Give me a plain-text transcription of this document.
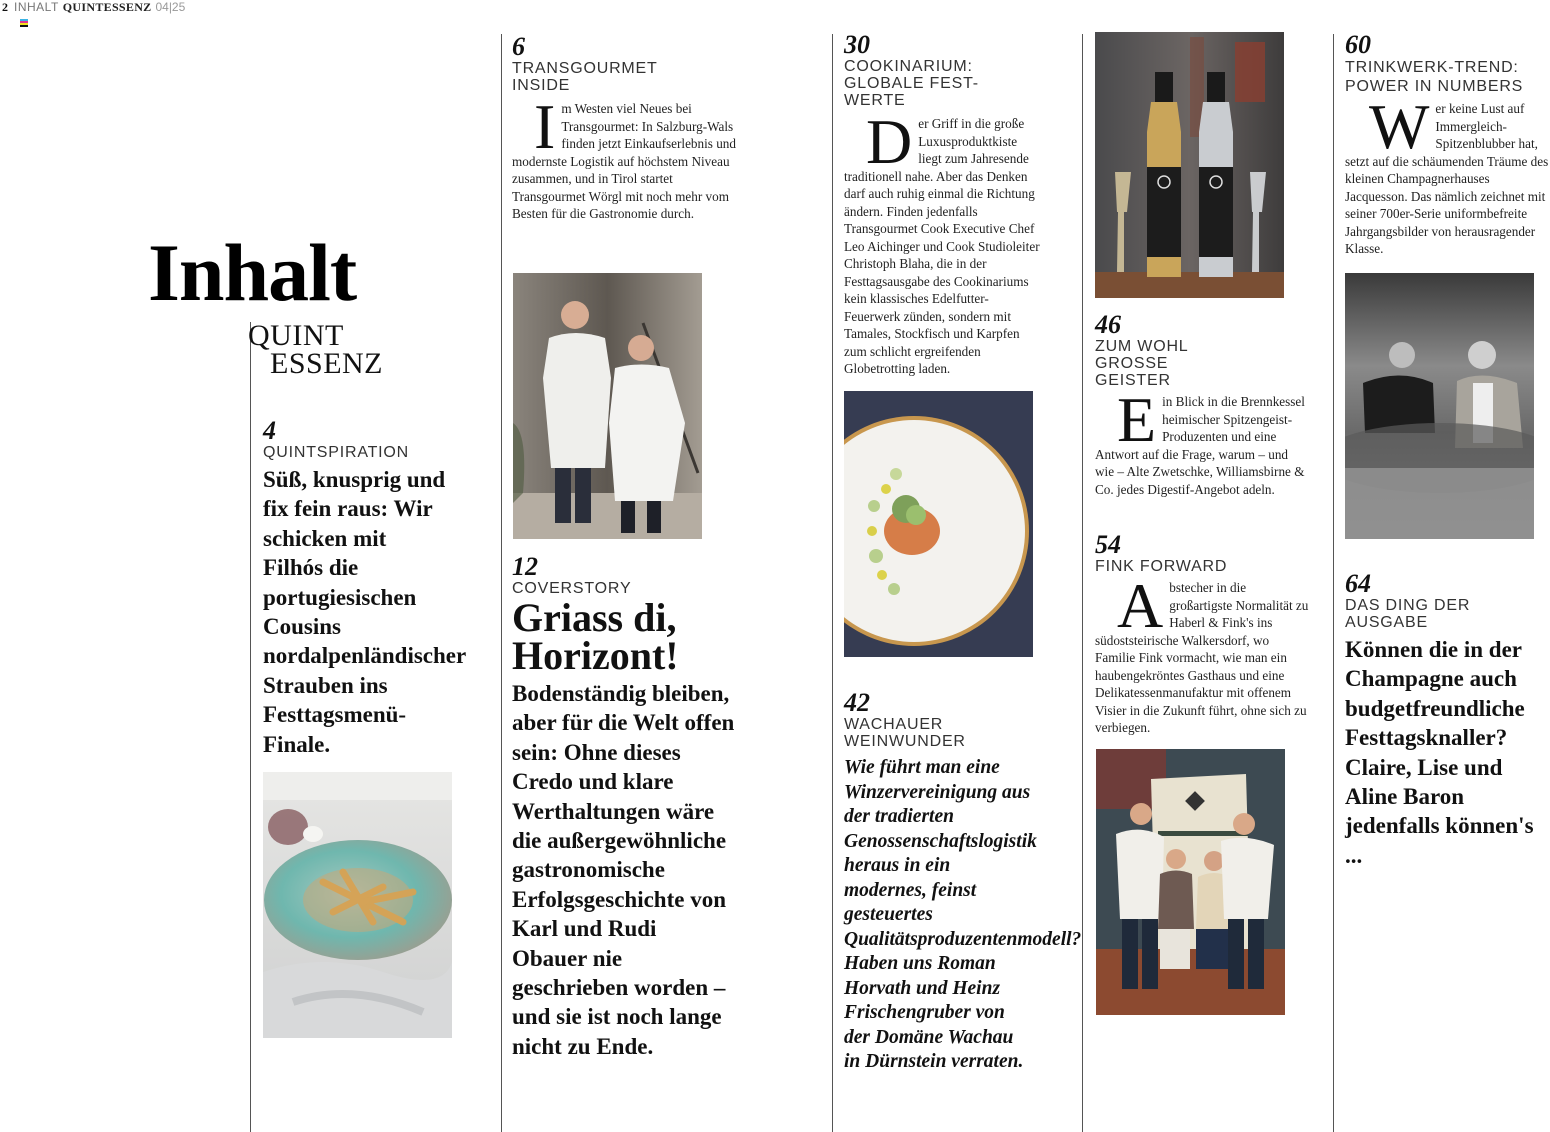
2 INHALT QUINTESSENZ 04|25
Inhalt
QUINT
ESSENZ
4
QUINTSPIRATION
Süß, knusprig und fix fein raus: Wir schicken mit Filhós die portugiesischen Cousins nordalpenländischer Strauben ins Festtagsmenü-Finale.
6
TRANSGOURMET INSIDE
Im Westen viel Neues bei Transgourmet: In Salzburg-Wals finden jetzt Einkaufserlebnis und modernste Logistik auf höchstem Niveau zusammen, und in Tirol startet Transgourmet Wörgl mit noch mehr vom Besten für die Gastronomie durch.
12
COVERSTORY
Griass di, Horizont!
Bodenständig bleiben, aber für die Welt offen sein: Ohne dieses Credo und klare Werthaltungen wäre die außergewöhnliche gastronomische Erfolgsgeschichte von Karl und Rudi Obauer nie geschrieben worden – und sie ist noch lange nicht zu Ende.
30
COOKINARIUM: GLOBALE FEST-WERTE
Der Griff in die große Luxusproduktkiste liegt zum Jahresende traditionell nahe. Aber das Denken darf auch ruhig einmal die Richtung ändern. Finden jedenfalls Transgourmet Cook Executive Chef Leo Aichinger und Cook Studioleiter Christoph Blaha, die in der Festtagsausgabe des Cookinariums kein klassisches Edelfutter-Feuerwerk zünden, sondern mit Tamales, Stockfisch und Karpfen zum schlicht ergreifenden Globetrotting laden.
42
WACHAUER WEINWUNDER
Wie führt man eine Winzervereinigung aus der tradierten Genossenschaftslogistik heraus in ein modernes, feinst gesteuertes Qualitätsproduzentenmodell? Haben uns Roman Horvath und Heinz Frischengruber von der Domäne Wachau in Dürnstein verraten.
46
ZUM WOHL GROSSE GEISTER
Ein Blick in die Brennkessel heimischer Spitzengeist-Produzenten und eine Antwort auf die Frage, warum – und wie – Alte Zwetschke, Williamsbirne & Co. jedes Digestif-Angebot adeln.
54
FINK FORWARD
Abstecher in die großartigste Normalität zu Haberl & Fink's ins südoststeirische Walkersdorf, wo Familie Fink vormacht, wie man ein haubengekröntes Gasthaus und eine Delikatessenmanufaktur mit offenem Visier in die Zukunft führt, ohne sich zu verbiegen.
60
TRINKWERK-TREND: POWER IN NUMBERS
Wer keine Lust auf Immergleich-Spitzenblubber hat, setzt auf die schäumenden Träume des kleinen Champagnerhauses Jacquesson. Das nämlich zeichnet mit seiner 700er-Serie uniformbefreite Jahrgangsbilder von herausragender Klasse.
64
DAS DING DER AUSGABE
Können die in der Champagne auch budgetfreundliche Festtagsknaller? Claire, Lise und Aline Baron jedenfalls können's ...
